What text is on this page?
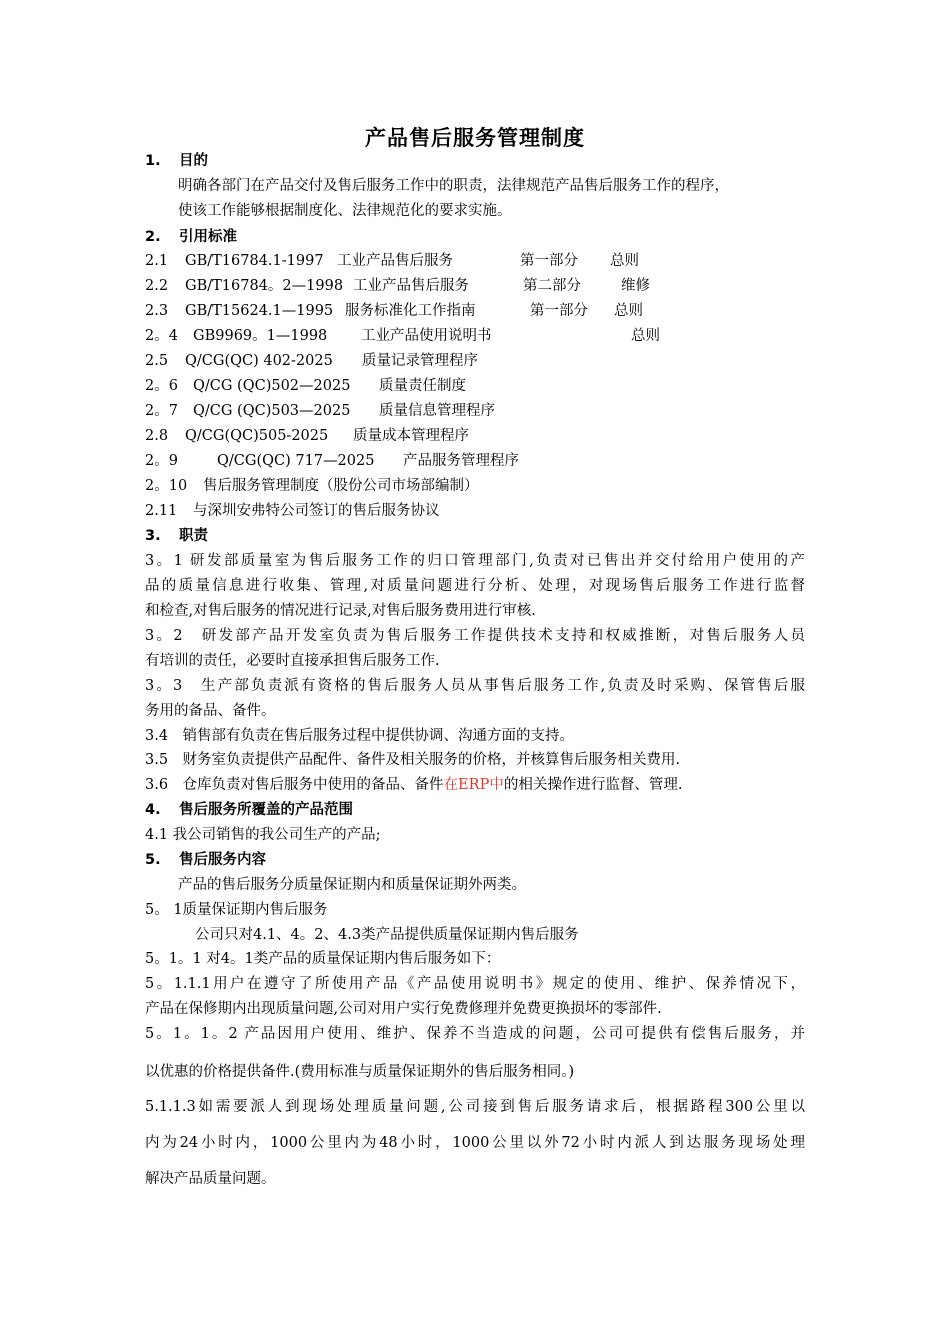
产品售后服务管理制度
1. 目的
明确各部门在产品交付及售后服务工作中的职责，法律规范产品售后服务工作的程序，
使该工作能够根据制度化、法律规范化的要求实施。
2. 引用标准
2.1 GB/T16784.1-1997 工业产品售后服务	第一部分 总则
2.2 GB/T16784。2—1998 工业产品售后服务	第二部分	维修
2.3 GB/T15624.1—1995 服务标准化工作指南	第一部分 总则
2。4 GB9969。1—1998 工业产品使用说明书	总则
2.5 Q/CG(QC) 402-2025 质量记录管理程序
2。6 Q/CG (QC)502—2025 质量责任制度
2。7 Q/CG (QC)503—2025 质量信息管理程序
2.8 Q/CG(QC)505-2025 质量成本管理程序
2。9	Q/CG(QC) 717—2025 产品服务管理程序
2。10 售后服务管理制度（股份公司市场部编制）
2.11 与深圳安弗特公司签订的售后服务协议
3. 职责
3。1 研发部质量室为售后服务工作的归口管理部门,负责对已售出并交付给用户使用的产
品的质量信息进行收集、管理,对质量问题进行分析、处理，对现场售后服务工作进行监督
和检查,对售后服务的情况进行记录,对售后服务费用进行审核.
3。2　研发部产品开发室负责为售后服务工作提供技术支持和权威推断，对售后服务人员
有培训的责任，必要时直接承担售后服务工作.
3。3　生产部负责派有资格的售后服务人员从事售后服务工作,负责及时采购、保管售后服
务用的备品、备件。
3.4　销售部有负责在售后服务过程中提供协调、沟通方面的支持。
3.5　财务室负责提供产品配件、备件及相关服务的价格，并核算售后服务相关费用.
3.6　仓库负责对售后服务中使用的备品、备件在ERP中的相关操作进行监督、管理.
4. 售后服务所覆盖的产品范围
4.1 我公司销售的我公司生产的产品;
5. 售后服务内容
产品的售后服务分质量保证期内和质量保证期外两类。
5。 1质量保证期内售后服务
公司只对4.1、4。2、4.3类产品提供质量保证期内售后服务
5。1。1 对4。1类产品的质量保证期内售后服务如下：
5。1.1.1用户在遵守了所使用产品《产品使用说明书》规定的使用、维护、保养情况下，
产品在保修期内出现质量问题,公司对用户实行免费修理并免费更换损坏的零部件.
5。1。1。2 产品因用户使用、维护、保养不当造成的问题，公司可提供有偿售后服务，并
以优惠的价格提供备件.(费用标准与质量保证期外的售后服务相同。)
5.1.1.3如需要派人到现场处理质量问题,公司接到售后服务请求后，根据路程300公里以
内为24小时内，1000公里内为48小时，1000公里以外72小时内派人到达服务现场处理
解决产品质量问题。
